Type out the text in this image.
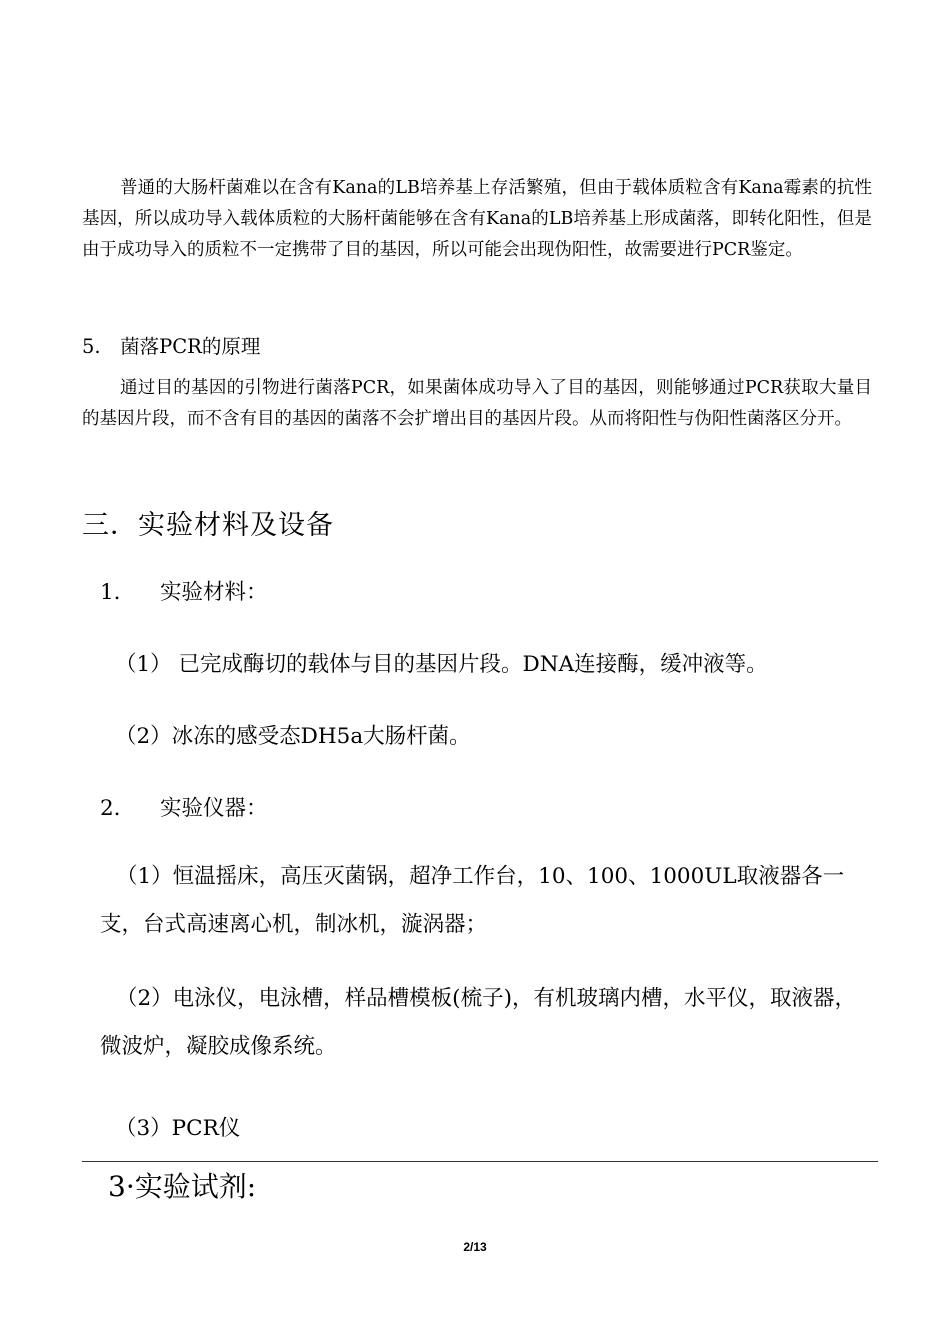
普通的大肠杆菌难以在含有Kana的LB培养基上存活繁殖，但由于载体质粒含有Kana霉素的抗性基因，所以成功导入载体质粒的大肠杆菌能够在含有Kana的LB培养基上形成菌落，即转化阳性，但是由于成功导入的质粒不一定携带了目的基因，所以可能会出现伪阳性，故需要进行PCR鉴定。

5.　菌落PCR的原理

通过目的基因的引物进行菌落PCR，如果菌体成功导入了目的基因，则能够通过PCR获取大量目的基因片段，而不含有目的基因的菌落不会扩增出目的基因片段。从而将阳性与伪阳性菌落区分开。

三．实验材料及设备

1. 实验材料：

（1） 已完成酶切的载体与目的基因片段。DNA连接酶，缓冲液等。

（2）冰冻的感受态DH5a大肠杆菌。

2. 实验仪器：

（1）恒温摇床，高压灭菌锅，超净工作台，10、100、1000UL取液器各一支，台式高速离心机，制冰机，漩涡器；

（2）电泳仪，电泳槽，样品槽模板(梳子)，有机玻璃内槽，水平仪，取液器，微波炉，凝胶成像系统。

（3）PCR仪

3·实验试剂:

2/13
